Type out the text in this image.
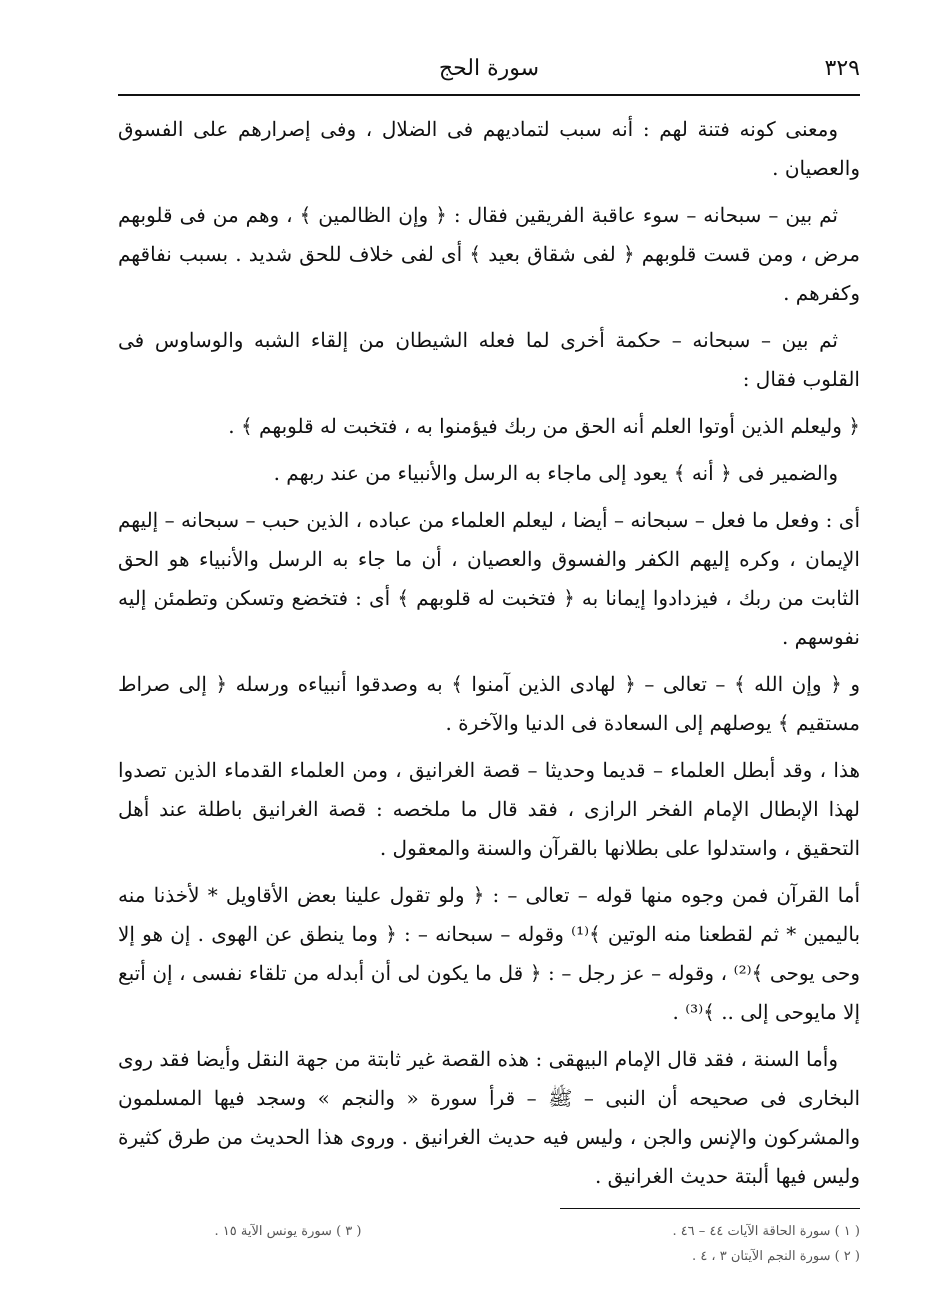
٣٢٩
سورة الحج

ومعنى كونه فتنة لهم : أنه سبب لتماديهم فى الضلال ، وفى إصرارهم على الفسوق والعصيان .

ثم بين – سبحانه – سوء عاقبة الفريقين فقال : ﴿ وإن الظالمين ﴾ ، وهم من فى قلوبهم مرض ، ومن قست قلوبهم ﴿ لفى شقاق بعيد ﴾ أى لفى خلاف للحق شديد . بسبب نفاقهم وكفرهم .

ثم بين – سبحانه – حكمة أخرى لما فعله الشيطان من إلقاء الشبه والوساوس فى القلوب فقال :

﴿ وليعلم الذين أوتوا العلم أنه الحق من ربك فيؤمنوا به ، فتخبت له قلوبهم ﴾ .

والضمير فى ﴿ أنه ﴾ يعود إلى ماجاء به الرسل والأنبياء من عند ربهم .

أى : وفعل ما فعل – سبحانه – أيضا ، ليعلم العلماء من عباده ، الذين حبب – سبحانه – إليهم الإيمان ، وكره إليهم الكفر والفسوق والعصيان ، أن ما جاء به الرسل والأنبياء هو الحق الثابت من ربك ، فيزدادوا إيمانا به ﴿ فتخبت له قلوبهم ﴾ أى : فتخضع وتسكن وتطمئن إليه نفوسهم .

و ﴿ وإن الله ﴾ – تعالى – ﴿ لهادى الذين آمنوا ﴾ به وصدقوا أنبياءه ورسله ﴿ إلى صراط مستقيم ﴾ يوصلهم إلى السعادة فى الدنيا والآخرة .

هذا ، وقد أبطل العلماء – قديما وحديثا – قصة الغرانيق ، ومن العلماء القدماء الذين تصدوا لهذا الإبطال الإمام الفخر الرازى ، فقد قال ما ملخصه : قصة الغرانيق باطلة عند أهل التحقيق ، واستدلوا على بطلانها بالقرآن والسنة والمعقول .

أما القرآن فمن وجوه منها قوله – تعالى – : ﴿ ولو تقول علينا بعض الأقاويل * لأخذنا منه باليمين * ثم لقطعنا منه الوتين ﴾⁽¹⁾ وقوله – سبحانه – : ﴿ وما ينطق عن الهوى . إن هو إلا وحى يوحى ﴾⁽²⁾ ، وقوله – عز رجل – : ﴿ قل ما يكون لى أن أبدله من تلقاء نفسى ، إن أتبع إلا مايوحى إلى .. ﴾⁽³⁾ .

وأما السنة ، فقد قال الإمام البيهقى : هذه القصة غير ثابتة من جهة النقل وأيضا فقد روى البخارى فى صحيحه أن النبى – ﷺ – قرأ سورة « والنجم » وسجد فيها المسلمون والمشركون والإنس والجن ، وليس فيه حديث الغرانيق . وروى هذا الحديث من طرق كثيرة وليس فيها ألبتة حديث الغرانيق .

( ١ ) سورة الحاقة الآيات ٤٤ – ٤٦ .
( ٢ ) سورة النجم الآيتان ٣ ، ٤ .
( ٣ ) سورة يونس الآية ١٥ .
